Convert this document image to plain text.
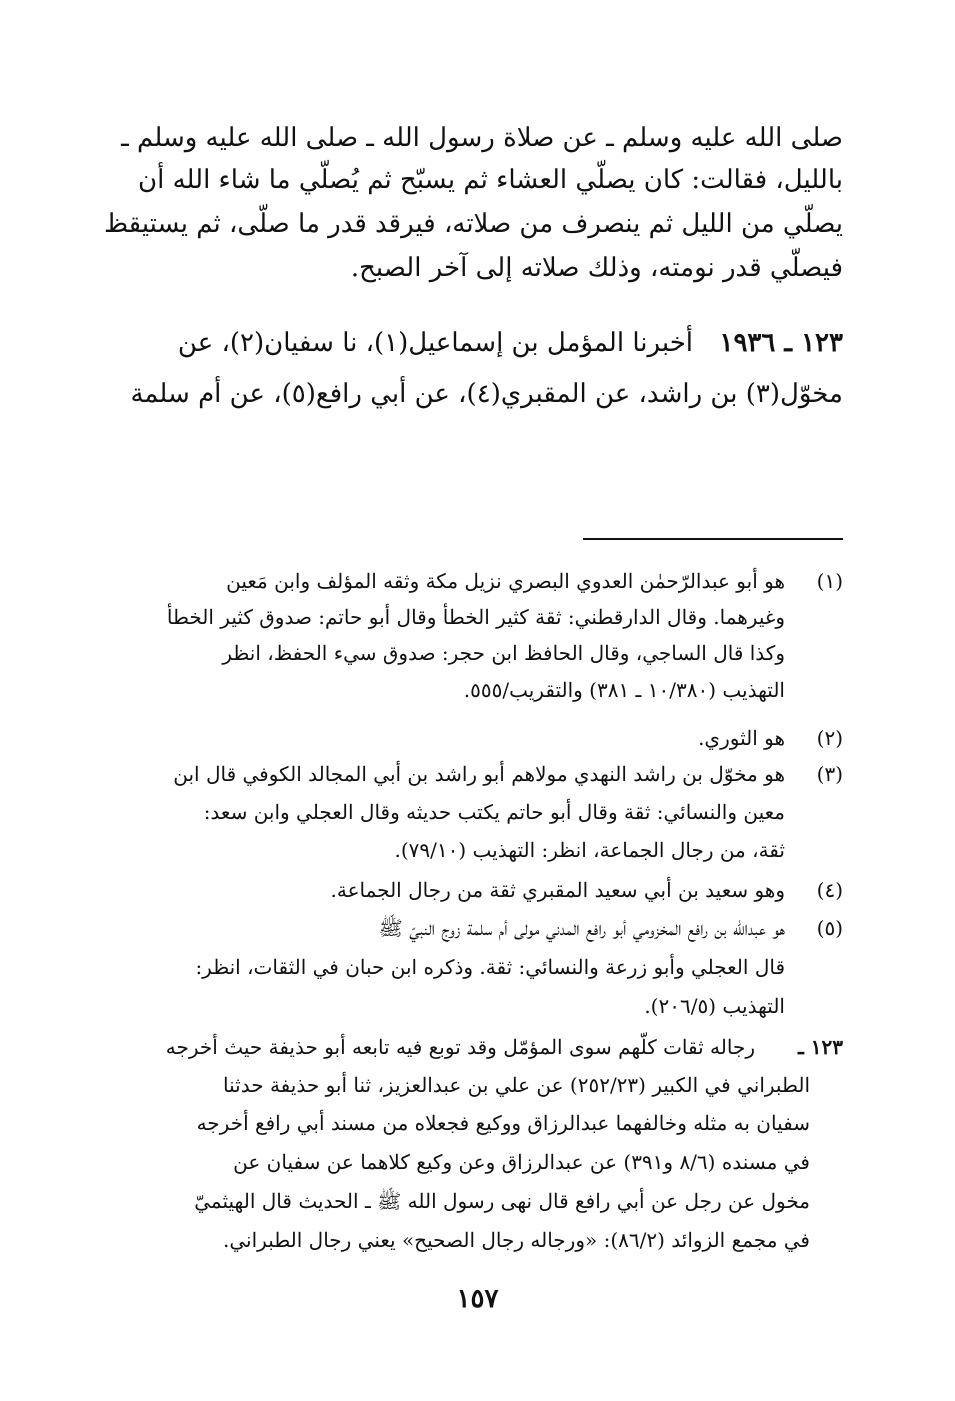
صلى الله عليه وسلم ـ عن صلاة رسول الله ـ صلى الله عليه وسلم ـ
بالليل، فقالت: كان يصلّي العشاء ثم يسبّح ثم يُصلّي ما شاء الله أن
يصلّي من الليل ثم ينصرف من صلاته، فيرقد قدر ما صلّى، ثم يستيقظ
فيصلّي قدر نومته، وذلك صلاته إلى آخر الصبح.
١٢٣ ـ ١٩٣٦
أخبرنا المؤمل بن إسماعيل(١)، نا سفيان(٢)، عن
مخوّل(٣) بن راشد، عن المقبري(٤)، عن أبي رافع(٥)، عن أم سلمة
(١)
هو أبو عبدالرّحمٰن العدوي البصري نزيل مكة وثقه المؤلف وابن مَعين
وغيرهما. وقال الدارقطني: ثقة كثير الخطأ وقال أبو حاتم: صدوق كثير الخطأ
وكذا قال الساجي، وقال الحافظ ابن حجر: صدوق سيء الحفظ، انظر
التهذيب (١٠/٣٨٠ ـ ٣٨١) والتقريب/٥٥٥.
(٢)
هو الثوري.
(٣)
هو مخوّل بن راشد النهدي مولاهم أبو راشد بن أبي المجالد الكوفي قال ابن
معين والنسائي: ثقة وقال أبو حاتم يكتب حديثه وقال العجلي وابن سعد:
ثقة، من رجال الجماعة، انظر: التهذيب (٧٩/١٠).
(٤)
وهو سعيد بن أبي سعيد المقبري ثقة من رجال الجماعة.
(٥)
هو عبدالله بن رافع المخزومي أبو رافع المدني مولى أم سلمة زوج النبيّ ﷺ
قال العجلي وأبو زرعة والنسائي: ثقة. وذكره ابن حبان في الثقات، انظر:
التهذيب (٢٠٦/٥).
١٢٣ ـ
رجاله ثقات كلّهم سوى المؤمّل وقد توبع فيه تابعه أبو حذيفة حيث أخرجه
الطبراني في الكبير (٢٥٢/٢٣) عن علي بن عبدالعزيز، ثنا أبو حذيفة حدثنا
سفيان به مثله وخالفهما عبدالرزاق ووكيع فجعلاه من مسند أبي رافع أخرجه
في مسنده (٨/٦ و٣٩١) عن عبدالرزاق وعن وكيع كلاهما عن سفيان عن
مخول عن رجل عن أبي رافع قال نهى رسول الله ﷺ ـ الحديث قال الهيثميّ
في مجمع الزوائد (٨٦/٢): «ورجاله رجال الصحيح» يعني رجال الطبراني.
١٥٧
